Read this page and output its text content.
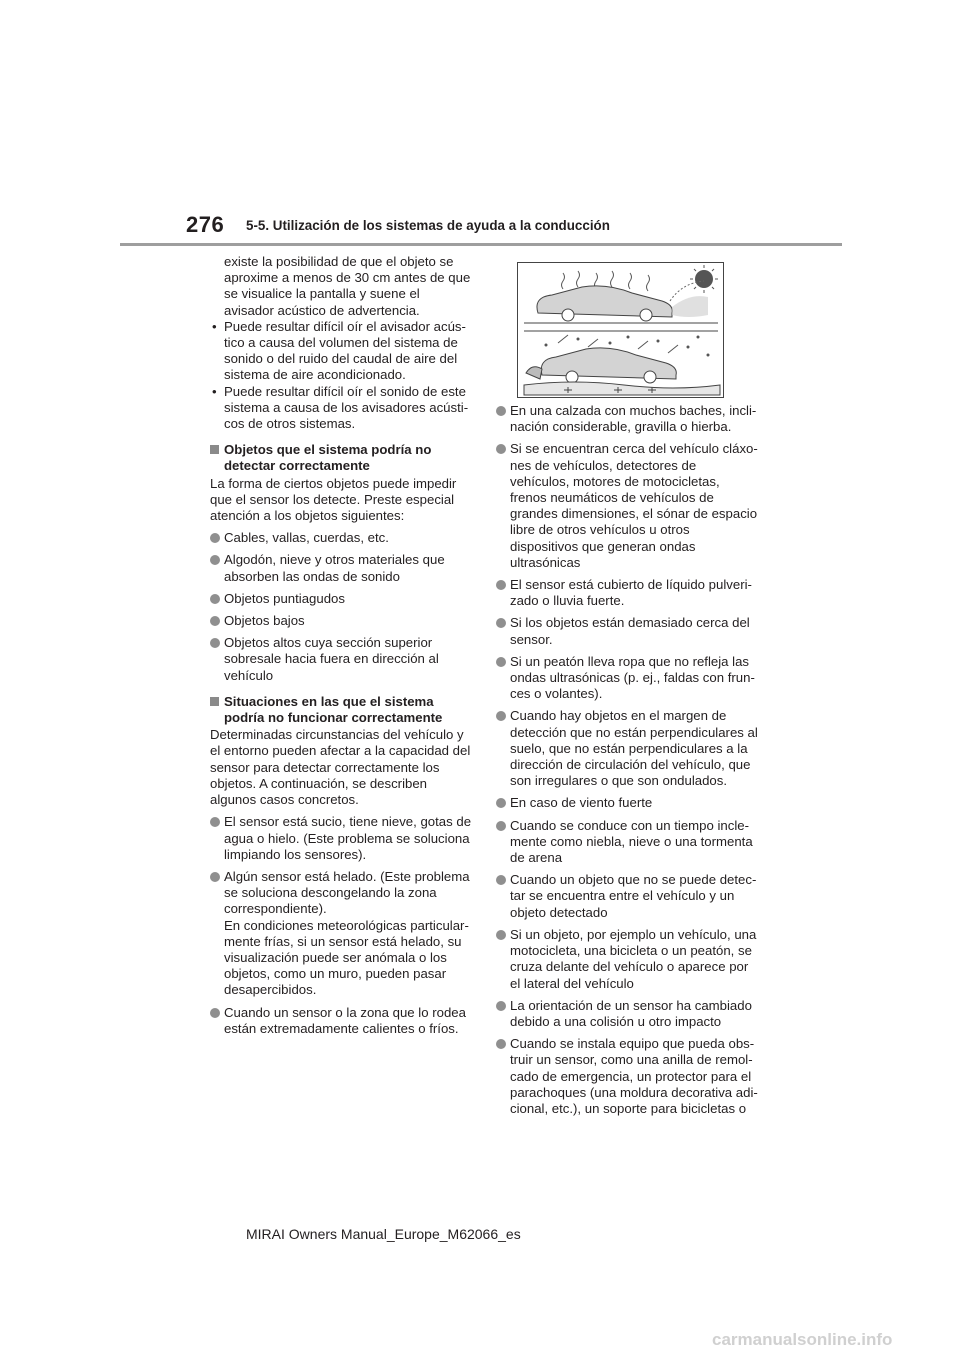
276 5-5. Utilización de los sistemas de ayuda a la conducción

existe la posibilidad de que el objeto se aproxime a menos de 30 cm antes de que se visualice la pantalla y suene el avisador acústico de advertencia.

• Puede resultar difícil oír el avisador acústico a causa del volumen del sistema de sonido o del ruido del caudal de aire del sistema de aire acondicionado.

• Puede resultar difícil oír el sonido de este sistema a causa de los avisadores acústicos de otros sistemas.

Objetos que el sistema podría no detectar correctamente

La forma de ciertos objetos puede impedir que el sensor los detecte. Preste especial atención a los objetos siguientes:

Cables, vallas, cuerdas, etc.
Algodón, nieve y otros materiales que absorben las ondas de sonido
Objetos puntiagudos
Objetos bajos
Objetos altos cuya sección superior sobresale hacia fuera en dirección al vehículo
Situaciones en las que el sistema podría no funcionar correctamente

Determinadas circunstancias del vehículo y el entorno pueden afectar a la capacidad del sensor para detectar correctamente los objetos. A continuación, se describen algunos casos concretos.

El sensor está sucio, tiene nieve, gotas de agua o hielo. (Este problema se soluciona limpiando los sensores).
Algún sensor está helado. (Este problema se soluciona descongelando la zona correspondiente).
En condiciones meteorológicas particularmente frías, si un sensor está helado, su visualización puede ser anómala o los objetos, como un muro, pueden pasar desapercibidos.
Cuando un sensor o la zona que lo rodea están extremadamente calientes o fríos.
En una calzada con muchos baches, inclinación considerable, gravilla o hierba.
Si se encuentran cerca del vehículo cláxones de vehículos, detectores de vehículos, motores de motocicletas, frenos neumáticos de vehículos de grandes dimensiones, el sónar de espacio libre de otros vehículos u otros dispositivos que generan ondas ultrasónicas
El sensor está cubierto de líquido pulverizado o lluvia fuerte.
Si los objetos están demasiado cerca del sensor.
Si un peatón lleva ropa que no refleja las ondas ultrasónicas (p. ej., faldas con frunces o volantes).
Cuando hay objetos en el margen de detección que no están perpendiculares al suelo, que no están perpendiculares a la dirección de circulación del vehículo, que son irregulares o que son ondulados.
En caso de viento fuerte
Cuando se conduce con un tiempo inclemente como niebla, nieve o una tormenta de arena
Cuando un objeto que no se puede detectar se encuentra entre el vehículo y un objeto detectado
Si un objeto, por ejemplo un vehículo, una motocicleta, una bicicleta o un peatón, se cruza delante del vehículo o aparece por el lateral del vehículo
La orientación de un sensor ha cambiado debido a una colisión u otro impacto
Cuando se instala equipo que pueda obstruir un sensor, como una anilla de remolcado de emergencia, un protector para el parachoques (una moldura decorativa adicional, etc.), un soporte para bicicletas o
MIRAI Owners Manual_Europe_M62066_es
carmanualsonline.info
